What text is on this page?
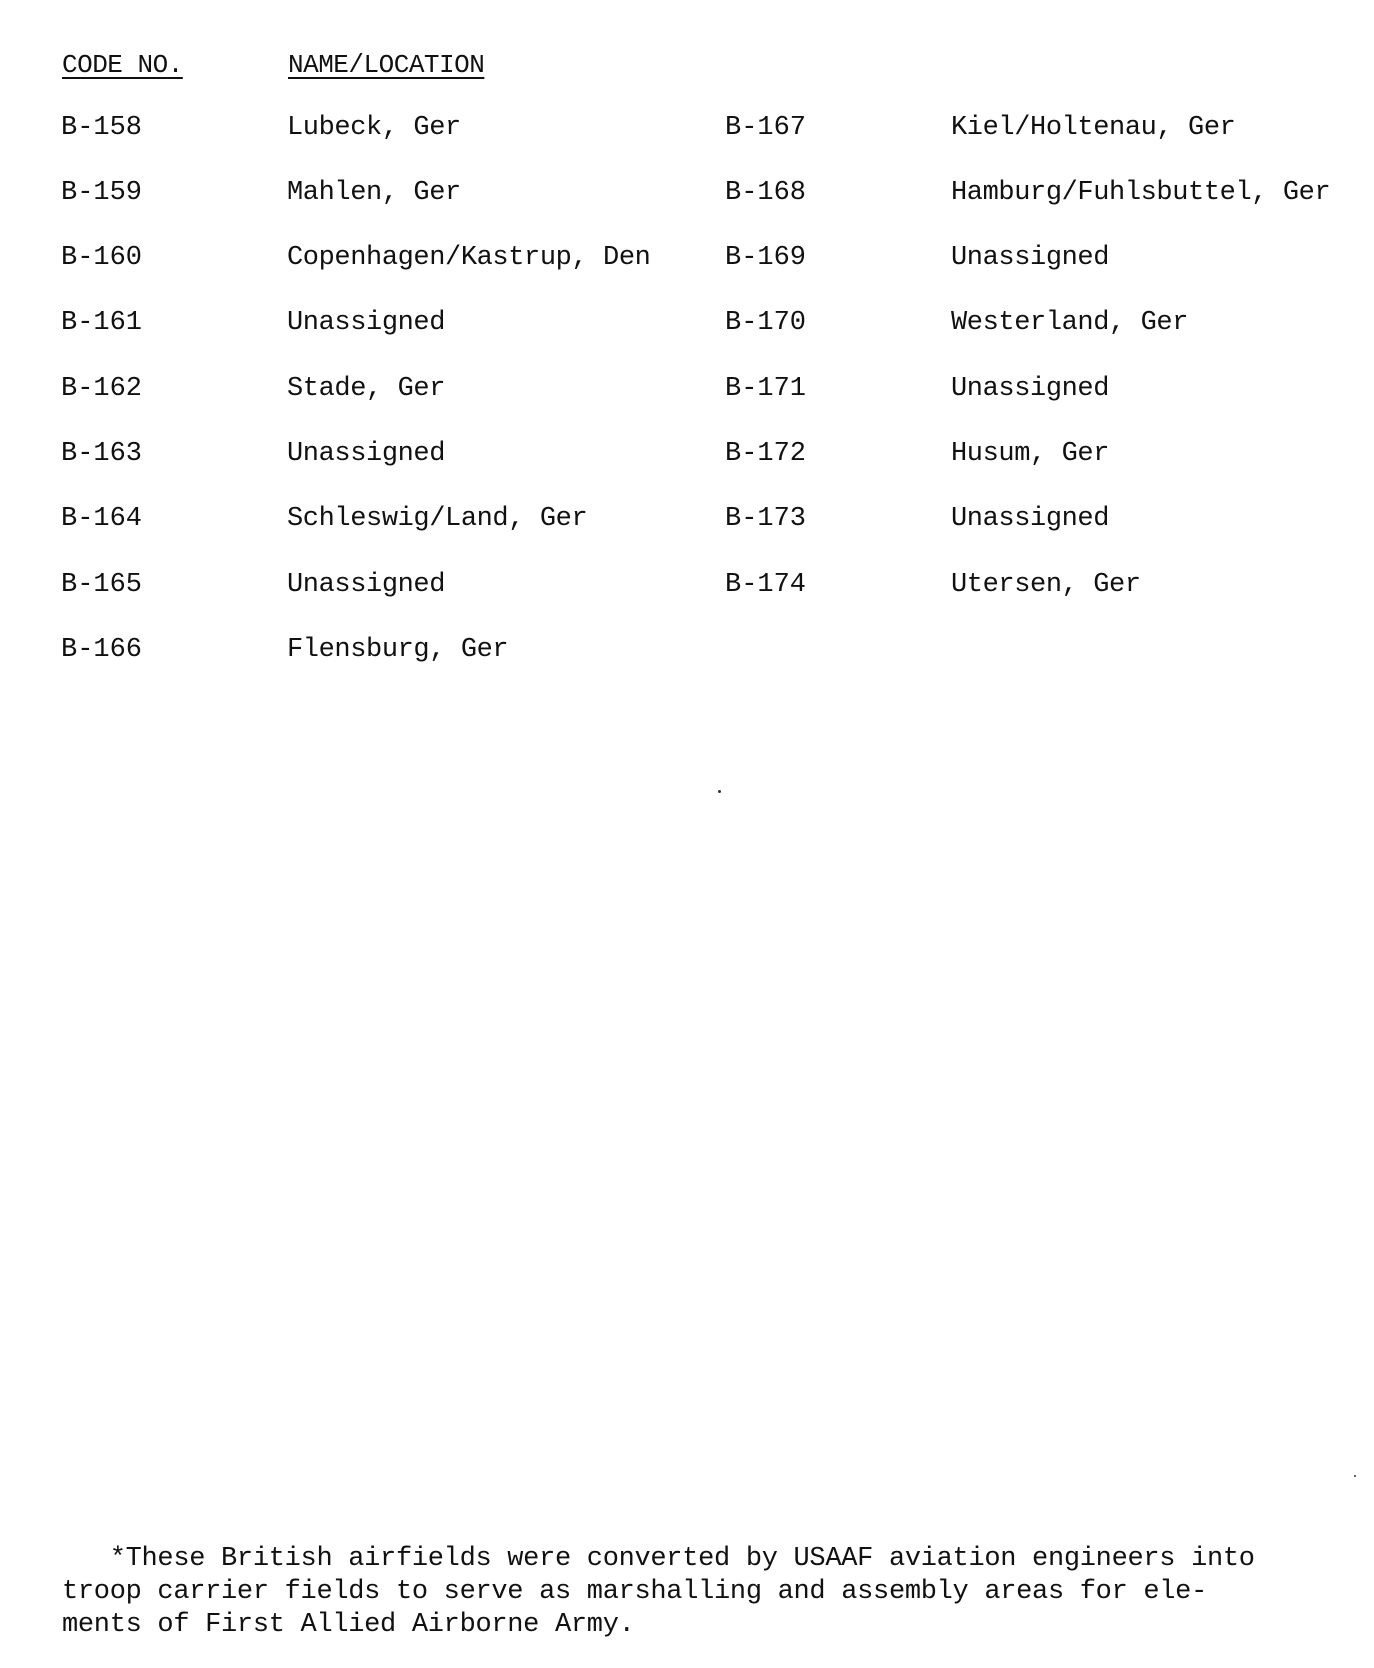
CODE NO.	NAME/LOCATION
B-158	Lubeck, Ger
B-159	Mahlen, Ger
B-160	Copenhagen/Kastrup, Den
B-161	Unassigned
B-162	Stade, Ger
B-163	Unassigned
B-164	Schleswig/Land, Ger
B-165	Unassigned
B-166	Flensburg, Ger
B-167	Kiel/Holtenau, Ger
B-168	Hamburg/Fuhlsbuttel, Ger
B-169	Unassigned
B-170	Westerland, Ger
B-171	Unassigned
B-172	Husum, Ger
B-173	Unassigned
B-174	Utersen, Ger
*These British airfields were converted by USAAF aviation engineers into
troop carrier fields to serve as marshalling and assembly areas for ele-
ments of First Allied Airborne Army.
